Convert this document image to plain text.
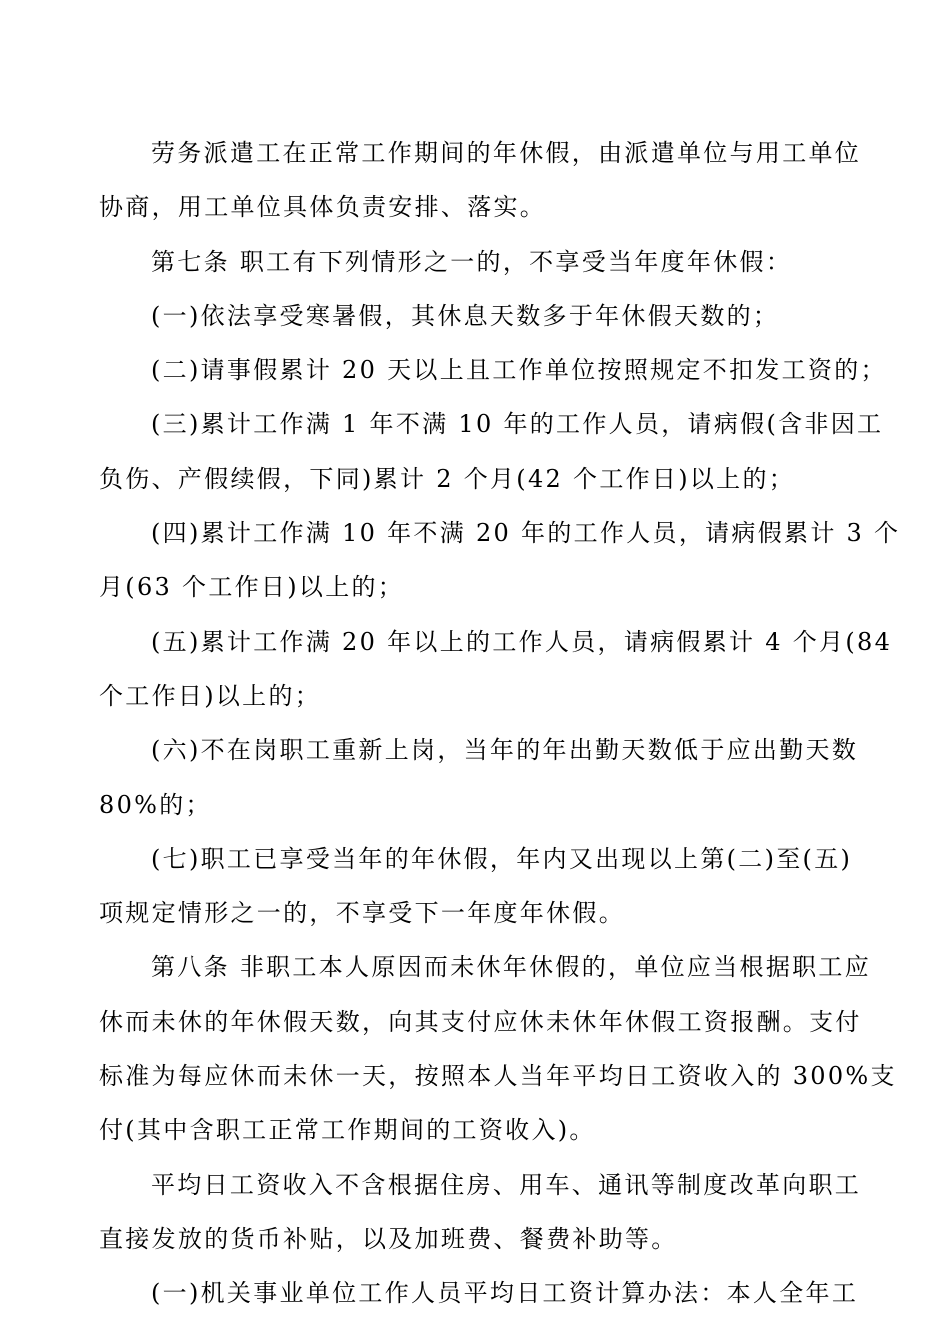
劳务派遣工在正常工作期间的年休假，由派遣单位与用工单位
协商，用工单位具体负责安排、落实。
第七条 职工有下列情形之一的，不享受当年度年休假：
(一)依法享受寒暑假，其休息天数多于年休假天数的；
(二)请事假累计 20 天以上且工作单位按照规定不扣发工资的；
(三)累计工作满 1 年不满 10 年的工作人员，请病假(含非因工
负伤、产假续假，下同)累计 2 个月(42 个工作日)以上的；
(四)累计工作满 10 年不满 20 年的工作人员，请病假累计 3 个
月(63 个工作日)以上的；
(五)累计工作满 20 年以上的工作人员，请病假累计 4 个月(84
个工作日)以上的；
(六)不在岗职工重新上岗，当年的年出勤天数低于应出勤天数
80%的；
(七)职工已享受当年的年休假，年内又出现以上第(二)至(五)
项规定情形之一的，不享受下一年度年休假。
第八条 非职工本人原因而未休年休假的，单位应当根据职工应
休而未休的年休假天数，向其支付应休未休年休假工资报酬。支付
标准为每应休而未休一天，按照本人当年平均日工资收入的 300%支
付(其中含职工正常工作期间的工资收入)。
平均日工资收入不含根据住房、用车、通讯等制度改革向职工
直接发放的货币补贴，以及加班费、餐费补助等。
(一)机关事业单位工作人员平均日工资计算办法：本人全年工
